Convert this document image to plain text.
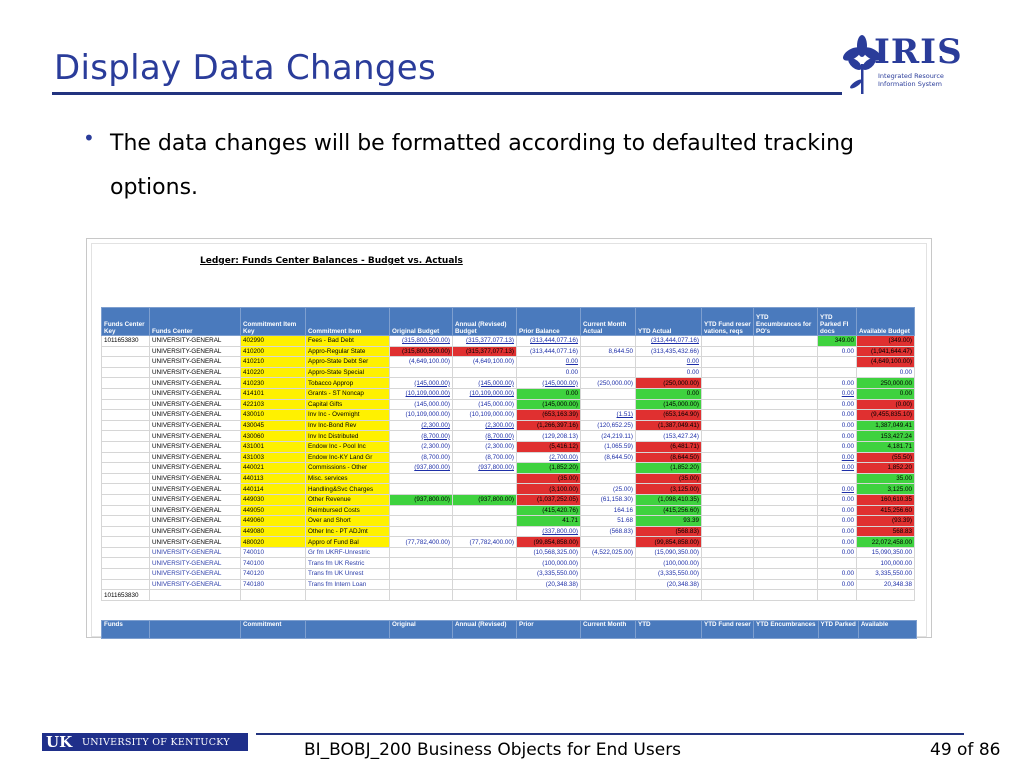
Display Data Changes	IRIS
Integrated Resource
Information System
• The data changes will be formatted according to defaulted tracking options.
Ledger: Funds Center Balances - Budget vs. Actuals
Funds Center Key	Funds Center	Commitment Item Key	Commitment Item	Original Budget	Annual (Revised) Budget	Prior Balance	Current Month Actual	YTD Actual	YTD Fund reser vations, reqs	YTD Encumbrances for PO's	YTD Parked FI docs	Available Budget
1011653830	UNIVERSITY-GENERAL	402990	Fees - Bad Debt	(315,800,500.00)	(315,377,077.13)	(313,444,077.16)		(313,444,077.16)			349.00	(349.00)
	UNIVERSITY-GENERAL	410200	Appro-Regular State	(315,800,500.00)	(315,377,077.13)	(313,444,077.16)	8,644.50	(313,435,432.66)			0.00	(1,941,644.47)
	UNIVERSITY-GENERAL	410210	Appro-State Debt Ser	(4,649,100.00)	(4,649,100.00)	0.00		0.00				(4,649,100.00)
	UNIVERSITY-GENERAL	410220	Appro-State Special			0.00		0.00				0.00
	UNIVERSITY-GENERAL	410230	Tobacco Approp	(145,000.00)	(145,000.00)	(145,000.00)	(250,000.00)	(250,000.00)			0.00	250,000.00
	UNIVERSITY-GENERAL	414101	Grants - ST Noncap	(10,109,000.00)	(10,109,000.00)	0.00		0.00			0.00	0.00
	UNIVERSITY-GENERAL	422103	Capital Gifts	(145,000.00)	(145,000.00)	(145,000.00)		(145,000.00)			0.00	(0.00)
	UNIVERSITY-GENERAL	430010	Inv Inc - Overnight	(10,109,000.00)	(10,109,000.00)	(653,163.39)	(1.51)	(653,164.90)			0.00	(9,455,835.10)
	UNIVERSITY-GENERAL	430045	Inv Inc-Bond Rev	(2,300.00)	(2,300.00)	(1,266,397.16)	(120,652.25)	(1,387,049.41)			0.00	1,387,049.41
	UNIVERSITY-GENERAL	430060	Inv Inc Distributed	(8,700.00)	(8,700.00)	(129,208.13)	(24,219.11)	(153,427.24)			0.00	153,427.24
	UNIVERSITY-GENERAL	431001	Endow Inc - Pool Inc	(2,300.00)	(2,300.00)	(5,416.12)	(1,065.59)	(6,481.71)			0.00	4,181.71
	UNIVERSITY-GENERAL	431003	Endow Inc-KY Land Gr	(8,700.00)	(8,700.00)	(2,700.00)	(8,644.50)	(8,644.50)			0.00	(55.50)
	UNIVERSITY-GENERAL	440021	Commissions - Other	(937,800.00)	(937,800.00)	(1,852.20)		(1,852.20)			0.00	1,852.20
	UNIVERSITY-GENERAL	440113	Misc. services			(35.00)		(35.00)				35.00
	UNIVERSITY-GENERAL	440114	Handling&Svc Charges			(3,100.00)	(25.00)	(3,125.00)			0.00	3,125.00
	UNIVERSITY-GENERAL	449030	Other Revenue	(937,800.00)	(937,800.00)	(1,037,252.05)	(61,158.30)	(1,098,410.35)			0.00	160,610.35
	UNIVERSITY-GENERAL	449050	Reimbursed Costs			(415,420.76)	164.16	(415,256.60)			0.00	415,256.60
	UNIVERSITY-GENERAL	449060	Over and Short			41.71	51.68	93.39			0.00	(93.39)
	UNIVERSITY-GENERAL	449080	Other Inc - PT ADJmt			(337,800.00)	(568.83)	(568.83)			0.00	568.83
	UNIVERSITY-GENERAL	480020	Appro of Fund Bal	(77,782,400.00)	(77,782,400.00)	(99,854,858.00)		(99,854,858.00)			0.00	22,072,458.00
	UNIVERSITY-GENERAL	740010	Gr fm UKRF-Unrestric			(10,568,325.00)	(4,522,025.00)	(15,090,350.00)			0.00	15,090,350.00
	UNIVERSITY-GENERAL	740100	Trans fm UK Restric			(100,000.00)		(100,000.00)				100,000.00
	UNIVERSITY-GENERAL	740120	Trans fm UK Unrest			(3,335,550.00)		(3,335,550.00)			0.00	3,335,550.00
	UNIVERSITY-GENERAL	740180	Trans fm Intern Loan			(20,348.38)		(20,348.38)			0.00	20,348.38
1011653830												
Funds		Commitment		Original	Annual (Revised)	Prior	Current Month	YTD	YTD Fund reser	YTD Encumbrances	YTD Parked	Available
UK UNIVERSITY OF KENTUCKY	BI_BOBJ_200 Business Objects for End Users	49 of 86
